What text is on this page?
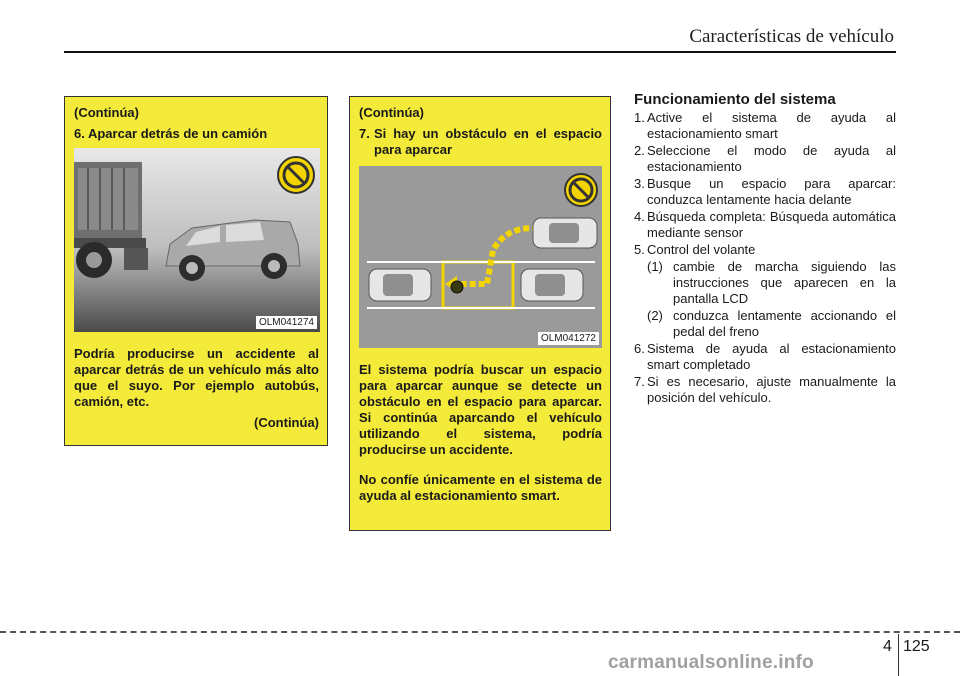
Características de vehículo
(Continúa)
6. Aparcar detrás de un camión
OLM041274
Podría producirse un accidente al aparcar detrás de un vehículo más alto que el suyo. Por ejemplo autobús, camión, etc.
(Continúa)
(Continúa)
7. Si hay un obstáculo en el espacio para aparcar
OLM041272
El sistema podría buscar un espacio para aparcar aunque se detecte un obstáculo en el espacio para aparcar. Si continúa aparcando el vehículo utilizando el sistema, podría producirse un accidente.
No confíe únicamente en el sistema de ayuda al estacionamiento smart.
Funcionamiento del sistema
1. Active el sistema de ayuda al estacionamiento smart
2. Seleccione el modo de ayuda al estacionamiento
3. Busque un espacio para aparcar: conduzca lentamente hacia delante
4. Búsqueda completa: Búsqueda automática mediante sensor
5. Control del volante
(1) cambie de marcha siguiendo las instrucciones que aparecen en la pantalla LCD
(2) conduzca lentamente accionando el pedal del freno
6. Sistema de ayuda al estacionamiento smart completado
7. Si es necesario, ajuste manualmente la posición del vehículo.
4 125
carmanualsonline.info
